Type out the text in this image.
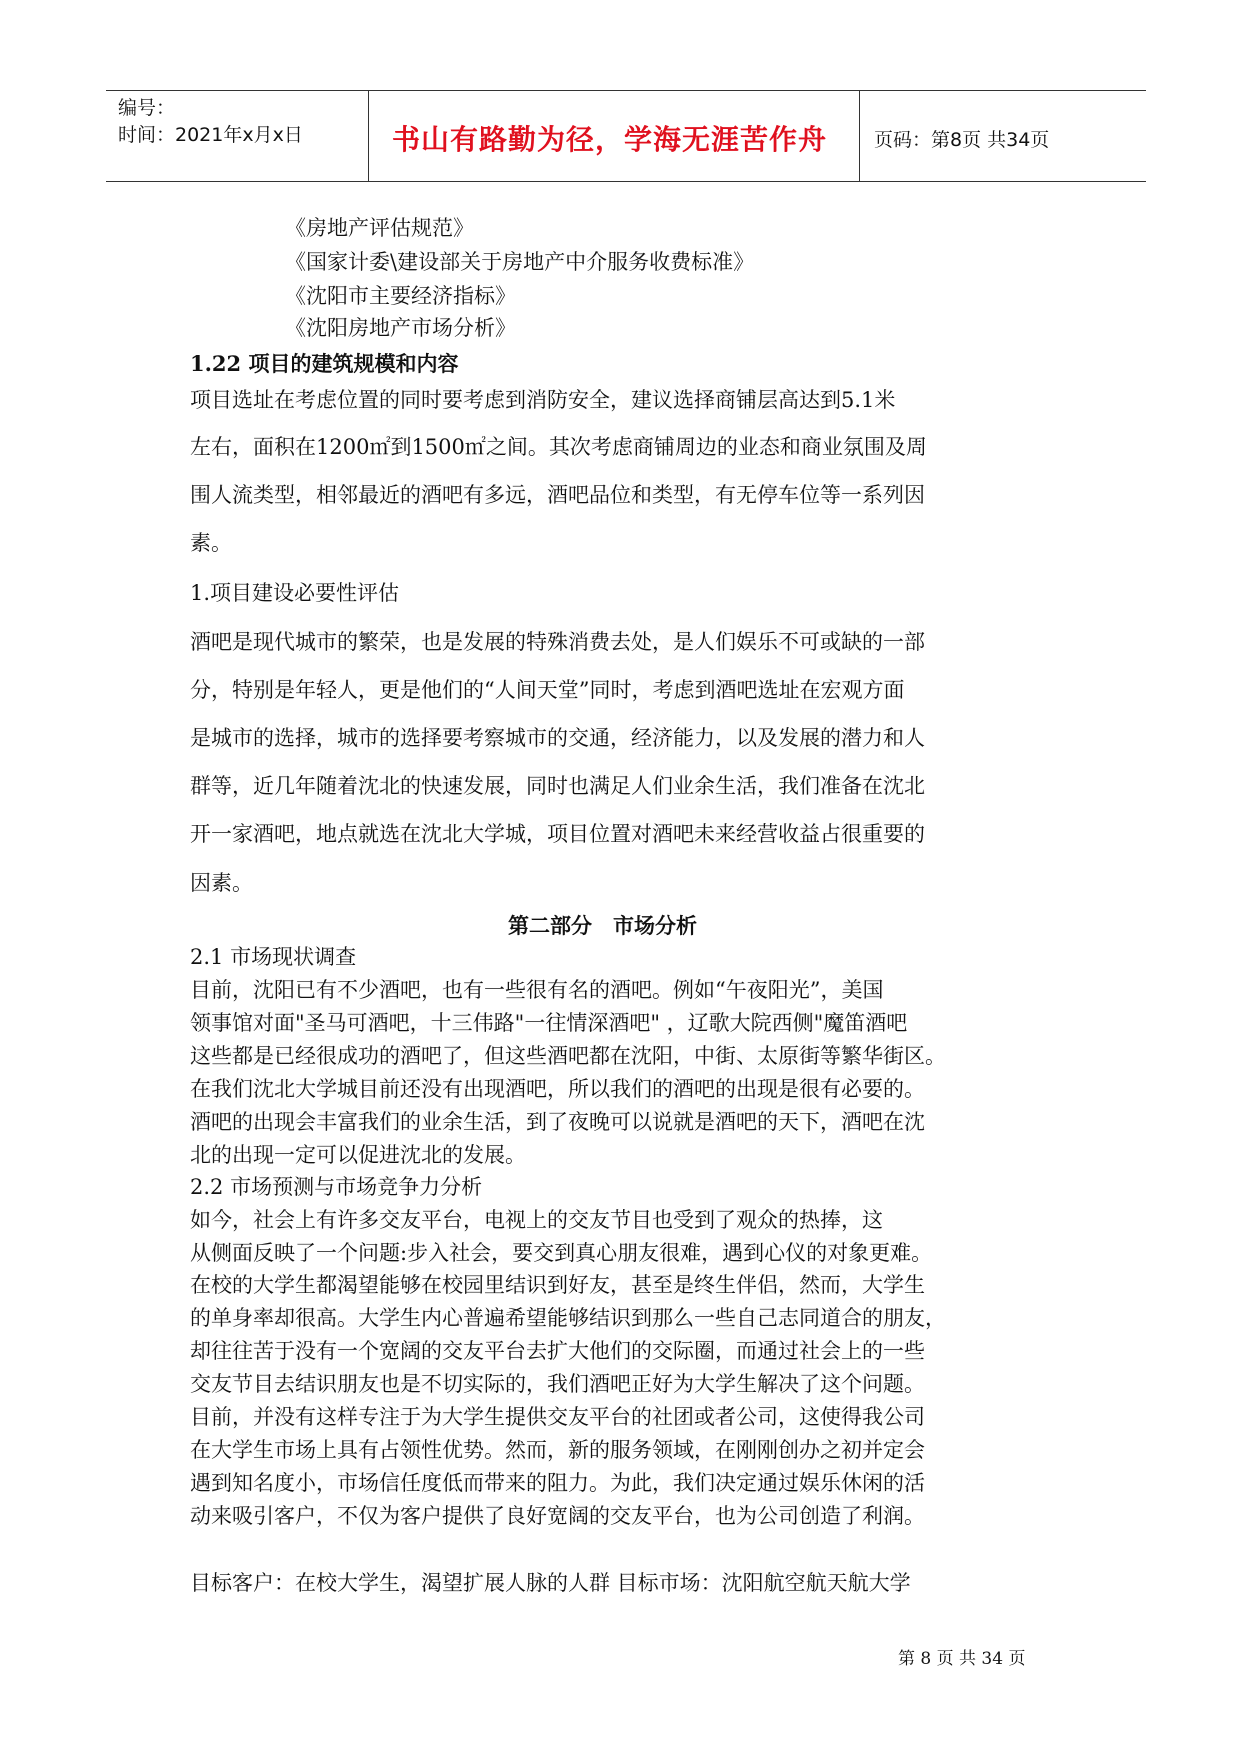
编号：
时间：2021年x月x日	书山有路勤为径，学海无涯苦作舟 页码：第8页 共34页
《房地产评估规范》
《国家计委\建设部关于房地产中介服务收费标准》
《沈阳市主要经济指标》
《沈阳房地产市场分析》
1.22 项目的建筑规模和内容
项目选址在考虑位置的同时要考虑到消防安全，建议选择商铺层高达到5.1米
左右，面积在1200㎡到1500㎡之间。其次考虑商铺周边的业态和商业氛围及周
围人流类型，相邻最近的酒吧有多远，酒吧品位和类型，有无停车位等一系列因
素。
1.项目建设必要性评估
酒吧是现代城市的繁荣，也是发展的特殊消费去处，是人们娱乐不可或缺的一部
分，特别是年轻人，更是他们的“人间天堂”同时，考虑到酒吧选址在宏观方面
是城市的选择，城市的选择要考察城市的交通，经济能力，以及发展的潜力和人
群等，近几年随着沈北的快速发展，同时也满足人们业余生活，我们准备在沈北
开一家酒吧，地点就选在沈北大学城，项目位置对酒吧未来经营收益占很重要的
因素。
第二部分　市场分析
2.1 市场现状调查
目前，沈阳已有不少酒吧，也有一些很有名的酒吧。例如“午夜阳光”，美国
领事馆对面"圣马可酒吧，十三伟路"一往情深酒吧" ，辽歌大院西侧"魔笛酒吧
这些都是已经很成功的酒吧了，但这些酒吧都在沈阳，中街、太原街等繁华街区。
在我们沈北大学城目前还没有出现酒吧，所以我们的酒吧的出现是很有必要的。
酒吧的出现会丰富我们的业余生活，到了夜晚可以说就是酒吧的天下，酒吧在沈
北的出现一定可以促进沈北的发展。
2.2 市场预测与市场竞争力分析
如今，社会上有许多交友平台，电视上的交友节目也受到了观众的热捧，这
从侧面反映了一个问题:步入社会，要交到真心朋友很难，遇到心仪的对象更难。
在校的大学生都渴望能够在校园里结识到好友，甚至是终生伴侣，然而，大学生
的单身率却很高。大学生内心普遍希望能够结识到那么一些自己志同道合的朋友，
却往往苦于没有一个宽阔的交友平台去扩大他们的交际圈，而通过社会上的一些
交友节目去结识朋友也是不切实际的，我们酒吧正好为大学生解决了这个问题。
目前，并没有这样专注于为大学生提供交友平台的社团或者公司，这使得我公司
在大学生市场上具有占领性优势。然而，新的服务领域，在刚刚创办之初并定会
遇到知名度小，市场信任度低而带来的阻力。为此，我们决定通过娱乐休闲的活
动来吸引客户，不仅为客户提供了良好宽阔的交友平台，也为公司创造了利润。
目标客户：在校大学生，渴望扩展人脉的人群 目标市场：沈阳航空航天航大学
第 8 页 共 34 页
